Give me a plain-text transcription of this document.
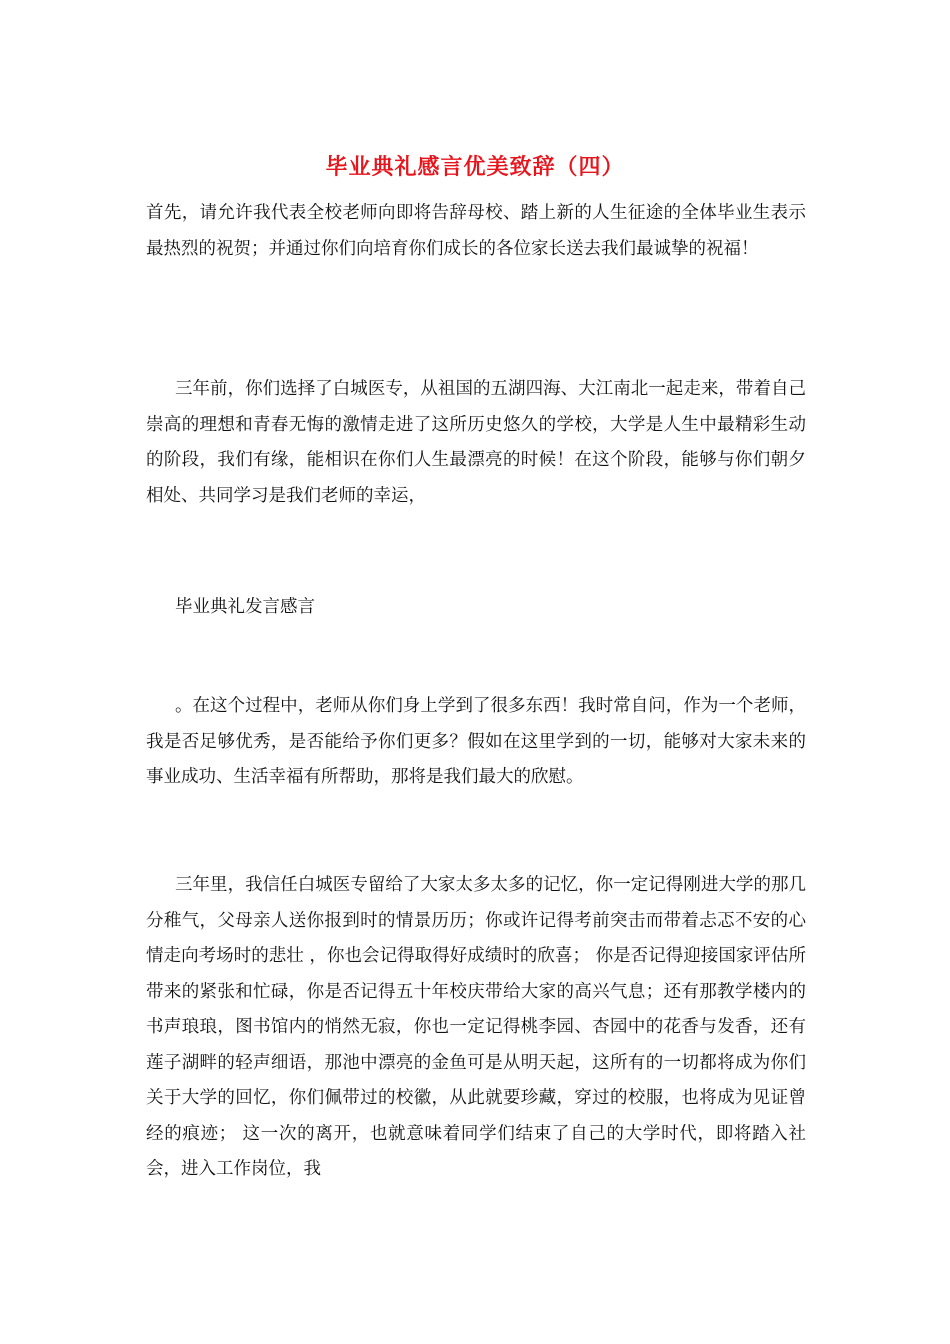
毕业典礼感言优美致辞（四）

首先，请允许我代表全校老师向即将告辞母校、踏上新的人生征途的全体毕业生表示最热烈的祝贺；并通过你们向培育你们成长的各位家长送去我们最诚挚的祝福！

三年前，你们选择了白城医专，从祖国的五湖四海、大江南北一起走来，带着自己崇高的理想和青春无悔的激情走进了这所历史悠久的学校，大学是人生中最精彩生动的阶段，我们有缘，能相识在你们人生最漂亮的时候！在这个阶段，能够与你们朝夕相处、共同学习是我们老师的幸运，

毕业典礼发言感言

。在这个过程中，老师从你们身上学到了很多东西！我时常自问，作为一个老师，我是否足够优秀，是否能给予你们更多？假如在这里学到的一切，能够对大家未来的事业成功、生活幸福有所帮助，那将是我们最大的欣慰。

三年里，我信任白城医专留给了大家太多太多的记忆，你一定记得刚进大学的那几分稚气，父母亲人送你报到时的情景历历；你或许记得考前突击而带着忐忑不安的心情走向考场时的悲壮 ，你也会记得取得好成绩时的欣喜； 你是否记得迎接国家评估所带来的紧张和忙碌，你是否记得五十年校庆带给大家的高兴气息；还有那教学楼内的书声琅琅，图书馆内的悄然无寂，你也一定记得桃李园、杏园中的花香与发香，还有莲子湖畔的轻声细语，那池中漂亮的金鱼可是从明天起，这所有的一切都将成为你们关于大学的回忆，你们佩带过的校徽，从此就要珍藏，穿过的校服，也将成为见证曾经的痕迹； 这一次的离开，也就意味着同学们结束了自己的大学时代，即将踏入社会，进入工作岗位，我
